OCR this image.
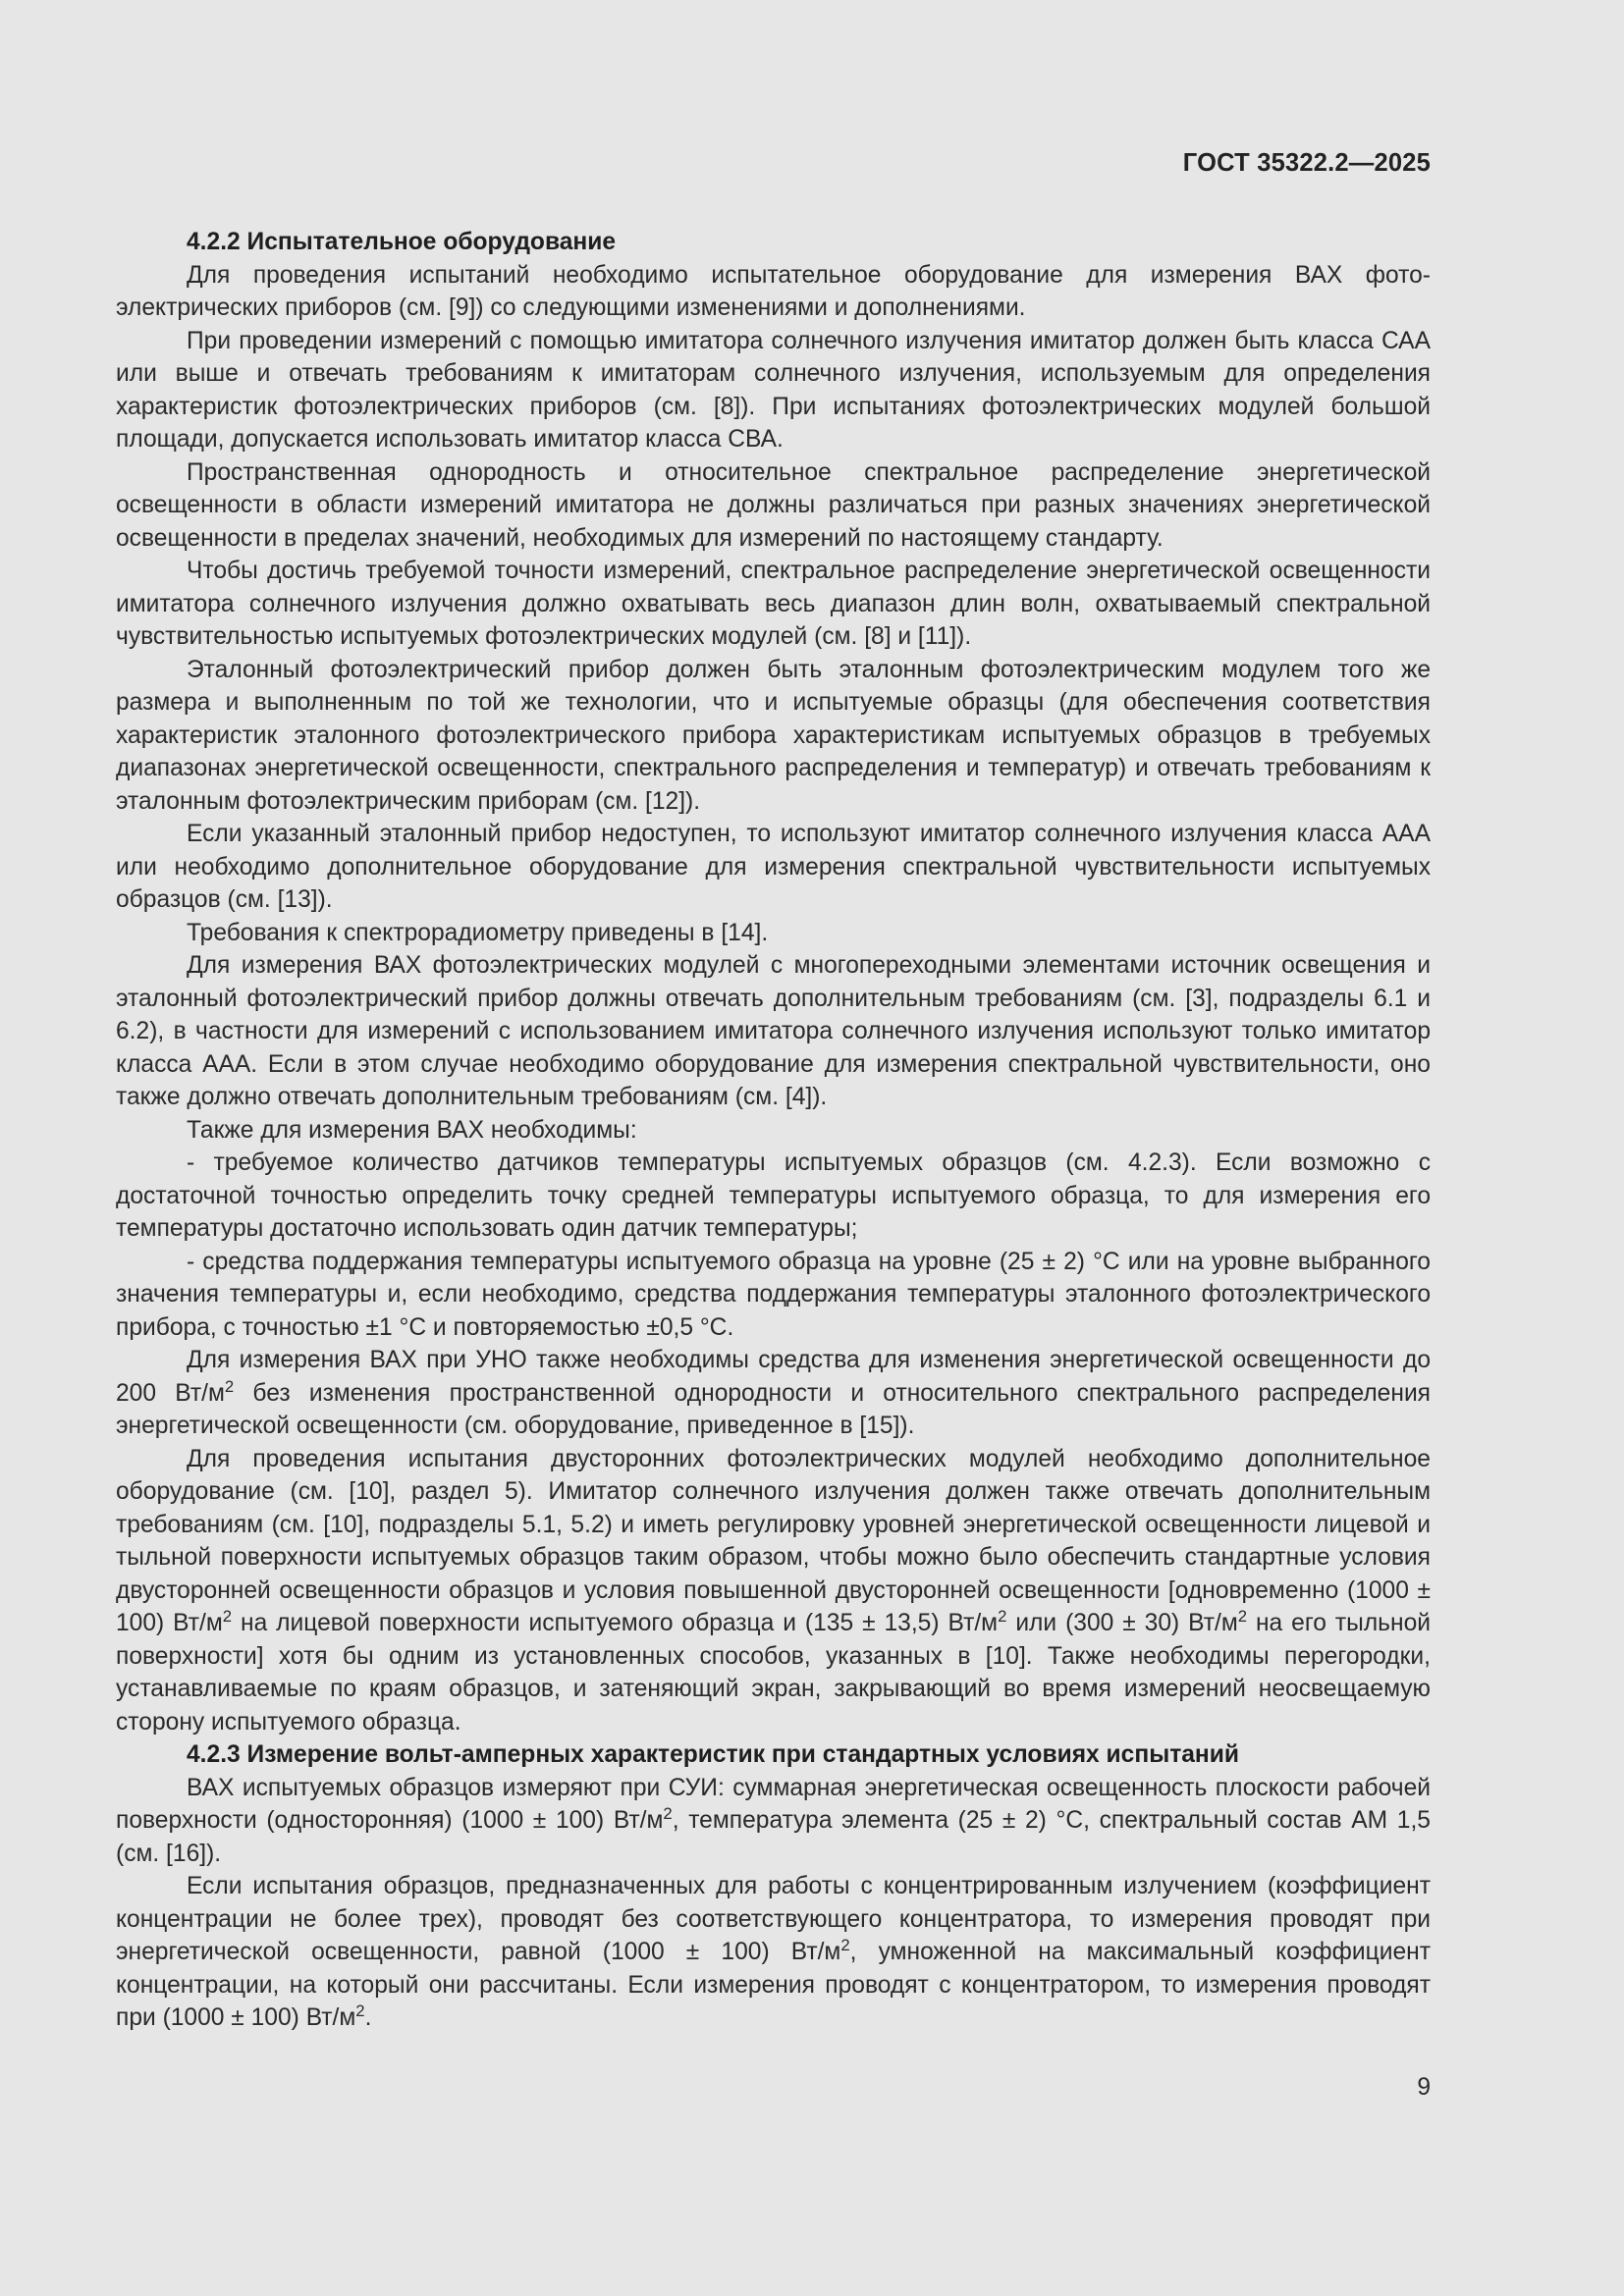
ГОСТ 35322.2—2025

4.2.2 Испытательное оборудование

Для проведения испытаний необходимо испытательное оборудование для измерения ВАХ фотоэлектрических приборов (см. [9]) со следующими изменениями и дополнениями.

При проведении измерений с помощью имитатора солнечного излучения имитатор должен быть класса САА или выше и отвечать требованиям к имитаторам солнечного излучения, используемым для определения характеристик фотоэлектрических приборов (см. [8]). При испытаниях фотоэлектрических модулей большой площади, допускается использовать имитатор класса СВА.

Пространственная однородность и относительное спектральное распределение энергетической освещенности в области измерений имитатора не должны различаться при разных значениях энергетической освещенности в пределах значений, необходимых для измерений по настоящему стандарту.

Чтобы достичь требуемой точности измерений, спектральное распределение энергетической освещенности имитатора солнечного излучения должно охватывать весь диапазон длин волн, охватываемый спектральной чувствительностью испытуемых фотоэлектрических модулей (см. [8] и [11]).

Эталонный фотоэлектрический прибор должен быть эталонным фотоэлектрическим модулем того же размера и выполненным по той же технологии, что и испытуемые образцы (для обеспечения соответствия характеристик эталонного фотоэлектрического прибора характеристикам испытуемых образцов в требуемых диапазонах энергетической освещенности, спектрального распределения и температур) и отвечать требованиям к эталонным фотоэлектрическим приборам (см. [12]).

Если указанный эталонный прибор недоступен, то используют имитатор солнечного излучения класса ААА или необходимо дополнительное оборудование для измерения спектральной чувствительности испытуемых образцов (см. [13]).

Требования к спектрорадиометру приведены в [14].

Для измерения ВАХ фотоэлектрических модулей с многопереходными элементами источник освещения и эталонный фотоэлектрический прибор должны отвечать дополнительным требованиям (см. [3], подразделы 6.1 и 6.2), в частности для измерений с использованием имитатора солнечного излучения используют только имитатор класса ААА. Если в этом случае необходимо оборудование для измерения спектральной чувствительности, оно также должно отвечать дополнительным требованиям (см. [4]).

Также для измерения ВАХ необходимы:

- требуемое количество датчиков температуры испытуемых образцов (см. 4.2.3). Если возможно с достаточной точностью определить точку средней температуры испытуемого образца, то для измерения его температуры достаточно использовать один датчик температуры;

- средства поддержания температуры испытуемого образца на уровне (25 ± 2) °С или на уровне выбранного значения температуры и, если необходимо, средства поддержания температуры эталонного фотоэлектрического прибора, с точностью ±1 °С и повторяемостью ±0,5 °С.

Для измерения ВАХ при УНО также необходимы средства для изменения энергетической освещенности до 200 $Вт/м^2$ без изменения пространственной однородности и относительного спектрального распределения энергетической освещенности (см. оборудование, приведенное в [15]).

Для проведения испытания двусторонних фотоэлектрических модулей необходимо дополнительное оборудование (см. [10], раздел 5). Имитатор солнечного излучения должен также отвечать дополнительным требованиям (см. [10], подразделы 5.1, 5.2) и иметь регулировку уровней энергетической освещенности лицевой и тыльной поверхности испытуемых образцов таким образом, чтобы можно было обеспечить стандартные условия двусторонней освещенности образцов и условия повышенной двусторонней освещенности [одновременно (1000 ± 100) $Вт/м^2$ на лицевой поверхности испытуемого образца и (135 ± 13,5) $Вт/м^2$ или (300 ± 30) $Вт/м^2$ на его тыльной поверхности] хотя бы одним из установленных способов, указанных в [10]. Также необходимы перегородки, устанавливаемые по краям образцов, и затеняющий экран, закрывающий во время измерений неосвещаемую сторону испытуемого образца.

4.2.3 Измерение вольт-амперных характеристик при стандартных условиях испытаний

ВАХ испытуемых образцов измеряют при СУИ: суммарная энергетическая освещенность плоскости рабочей поверхности (односторонняя) (1000 ± 100) $Вт/м^2$, температура элемента (25 ± 2) °С, спектральный состав AM 1,5 (см. [16]).

Если испытания образцов, предназначенных для работы с концентрированным излучением (коэффициент концентрации не более трех), проводят без соответствующего концентратора, то измерения проводят при энергетической освещенности, равной (1000 ± 100) $Вт/м^2$, умноженной на максимальный коэффициент концентрации, на который они рассчитаны. Если измерения проводят с концентратором, то измерения проводят при (1000 ± 100) $Вт/м^2$.

9
